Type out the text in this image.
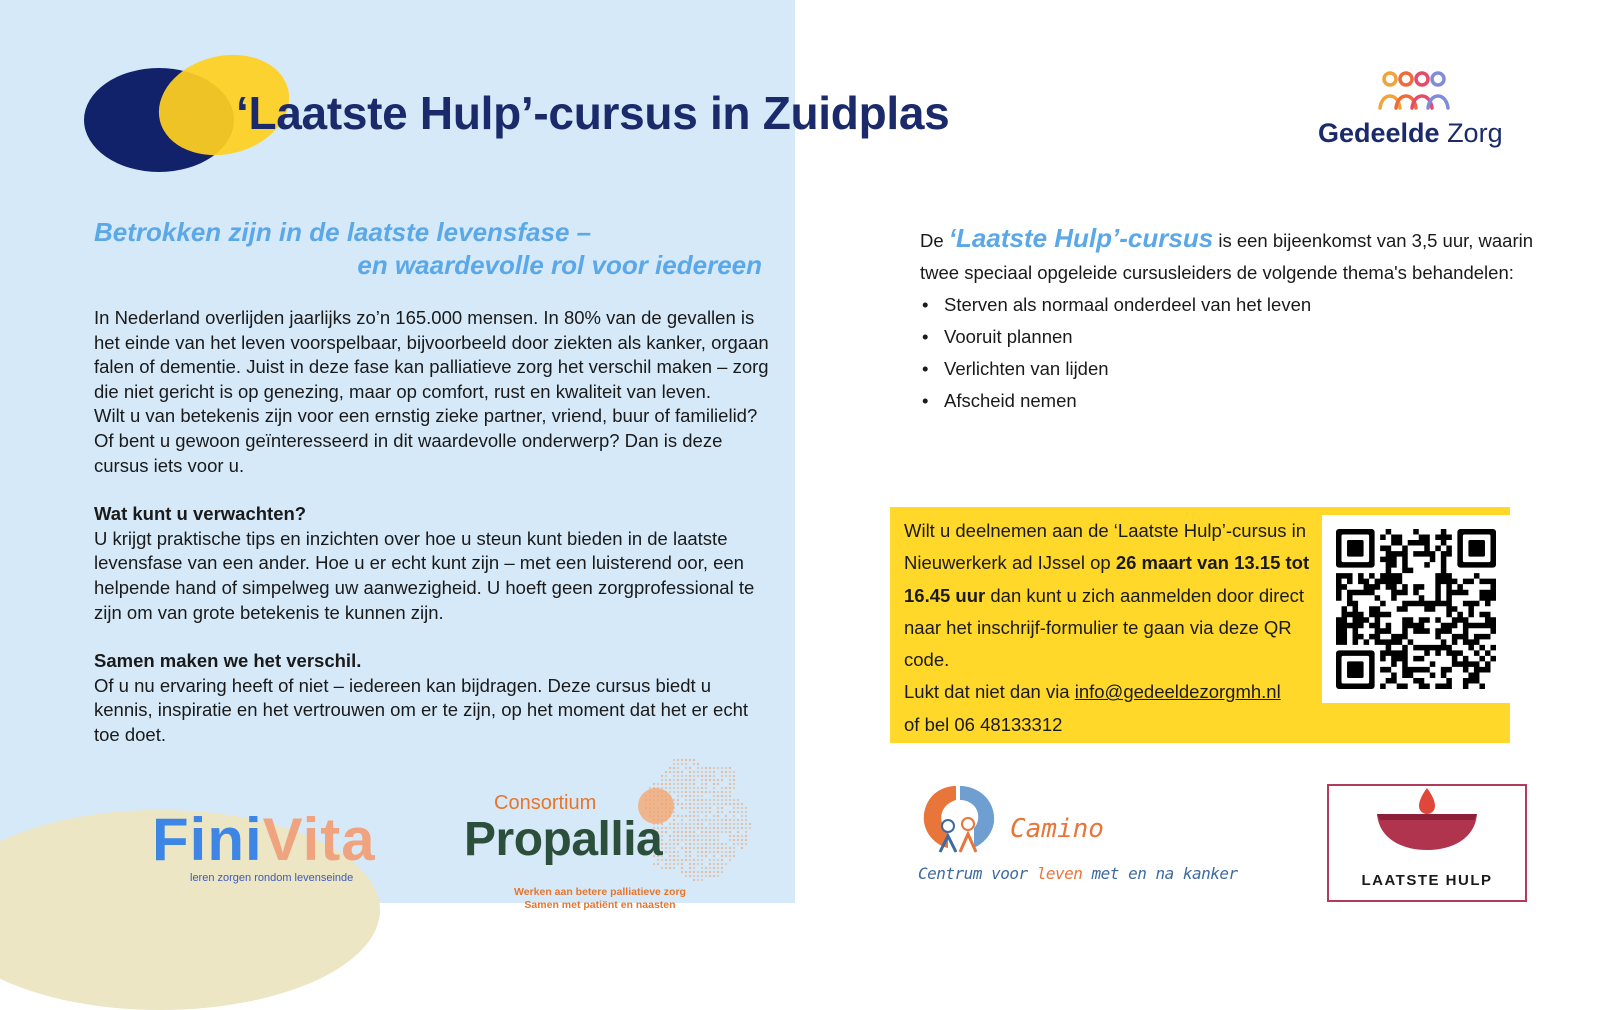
‘Laatste Hulp’-cursus in Zuidplas	Gedeelde Zorg
Betrokken zijn in de laatste levensfase –
en waardevolle rol voor iedereen

In Nederland overlijden jaarlijks zo’n 165.000 mensen. In 80% van de gevallen is het einde van het leven voorspelbaar, bijvoorbeeld door ziekten als kanker, orgaan falen of dementie. Juist in deze fase kan palliatieve zorg het verschil maken – zorg die niet gericht is op genezing, maar op comfort, rust en kwaliteit van leven.

Wilt u van betekenis zijn voor een ernstig zieke partner, vriend, buur of familielid? Of bent u gewoon geïnteresseerd in dit waardevolle onderwerp? Dan is deze cursus iets voor u.

Wat kunt u verwachten?

U krijgt praktische tips en inzichten over hoe u steun kunt bieden in de laatste levensfase van een ander. Hoe u er echt kunt zijn – met een luisterend oor, een helpende hand of simpelweg uw aanwezigheid. U hoeft geen zorgprofessional te zijn om van grote betekenis te kunnen zijn.

Samen maken we het verschil.

Of u nu ervaring heeft of niet – iedereen kan bijdragen. Deze cursus biedt u kennis, inspiratie en het vertrouwen om er te zijn, op het moment dat het er echt toe doet.

De ‘Laatste Hulp’-cursus is een bijeenkomst van 3,5 uur, waarin twee speciaal opgeleide cursusleiders de volgende thema's behandelen:

• Sterven als normaal onderdeel van het leven
• Vooruit plannen
• Verlichten van lijden
• Afscheid nemen
Wilt u deelnemen aan de ‘Laatste Hulp’-cursus in Nieuwerkerk ad IJssel op 26 maart van 13.15 tot 16.45 uur dan kunt u zich aanmelden door direct naar het inschrijf-formulier te gaan via deze QR code.
Lukt dat niet dan via info@gedeeldezorgmh.nl
of bel 06 48133312
FiniVita
leren zorgen rondom levenseinde
Consortium
Propallia
Werken aan betere palliatieve zorg
Samen met patiënt en naasten
Camino
Centrum voor leven met en na kanker	LAATSTE HULP
